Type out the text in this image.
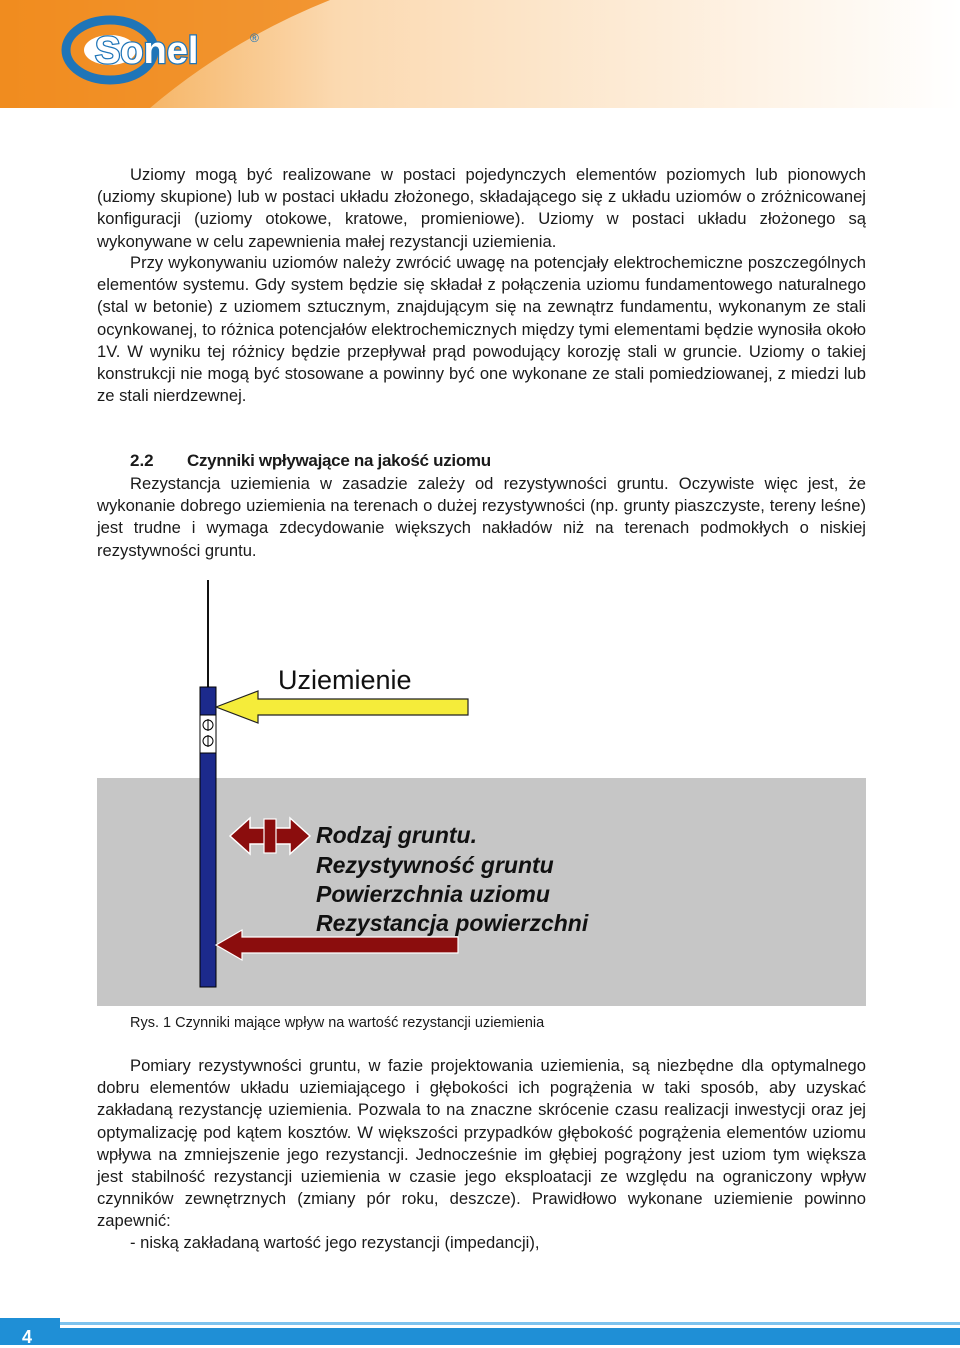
Sonel	®

Uziomy mogą być realizowane w postaci pojedynczych elementów poziomych lub pionowych (uziomy skupione) lub w postaci układu złożonego, składającego się z układu uziomów o zróżnicowanej konfiguracji (uziomy otokowe, kratowe, promieniowe). Uziomy w postaci układu złożonego są wykonywane w celu zapewnienia małej rezystancji uziemienia.

Przy wykonywaniu uziomów należy zwrócić uwagę na potencjały elektrochemiczne poszczególnych elementów systemu. Gdy system będzie się składał z połączenia uziomu fundamentowego naturalnego (stal w betonie) z uziomem sztucznym, znajdującym się na zewnątrz fundamentu, wykonanym ze stali ocynkowanej, to różnica potencjałów elektrochemicznych między tymi elementami będzie wynosiła około 1V. W wyniku tej różnicy będzie przepływał prąd powodujący korozję stali w gruncie. Uziomy o takiej konstrukcji nie mogą być stosowane a powinny być one wykonane ze stali pomiedziowanej, z miedzi lub ze stali nierdzewnej.

2.2 Czynniki wpływające na jakość uziomu

Rezystancja uziemienia w zasadzie zależy od rezystywności gruntu. Oczywiste więc jest, że wykonanie dobrego uziemienia na terenach o dużej rezystywności (np. grunty piaszczyste, tereny leśne) jest trudne i wymaga zdecydowanie większych nakładów niż na terenach podmokłych o niskiej rezystywności gruntu.

Uziemienie
Rodzaj gruntu.
Rezystywność gruntu
Powierzchnia uziomu
Rezystancja powierzchni
Rys. 1 Czynniki mające wpływ na wartość rezystancji uziemienia

Pomiary rezystywności gruntu, w fazie projektowania uziemienia, są niezbędne dla optymalnego dobru elementów układu uziemiającego i głębokości ich pogrążenia w taki sposób, aby uzyskać zakładaną rezystancję uziemienia. Pozwala to na znaczne skrócenie czasu realizacji inwestycji oraz jej optymalizację pod kątem kosztów. W większości przypadków głębokość pogrążenia elementów uziomu wpływa na zmniejszenie jego rezystancji. Jednocześnie im głębiej pogrążony jest uziom tym większa jest stabilność rezystancji uziemienia w czasie jego eksploatacji ze względu na ograniczony wpływ czynników zewnętrznych (zmiany pór roku, deszcze). Prawidłowo wykonane uziemienie powinno zapewnić:

- niską zakładaną wartość jego rezystancji (impedancji),

4
